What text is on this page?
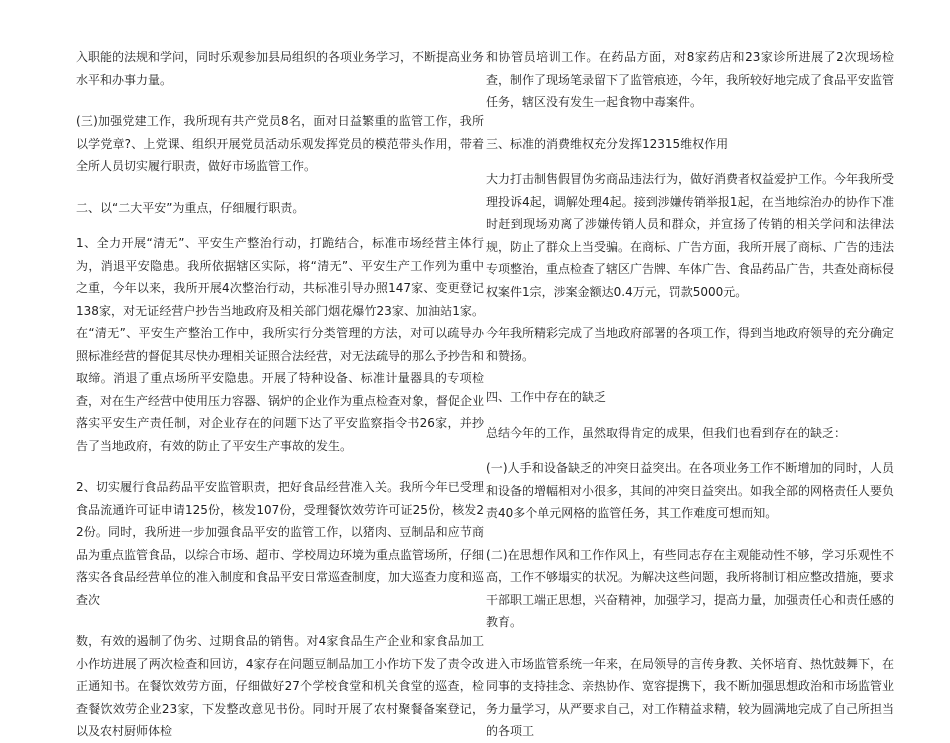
入职能的法规和学问，同时乐观参加县局组织的各项业务学习，不断提高业务水平和办事力量。

(三)加强党建工作，我所现有共产党员8名，面对日益繁重的监管工作，我所以学党章?、上党课、组织开展党员活动乐观发挥党员的模范带头作用，带着全所人员切实履行职责，做好市场监管工作。

二、以“二大平安”为重点，仔细履行职责。

1、全力开展“清无”、平安生产整治行动，打跪结合，标准市场经营主体行为，消退平安隐患。我所依据辖区实际，将“清无”、平安生产工作列为重中之重，今年以来，我所开展4次整治行动，共标准引导办照147家、变更登记138家，对无证经营户抄告当地政府及相关部门烟花爆竹23家、加油站1家。在“清无”、平安生产整治工作中，我所实行分类管理的方法，对可以疏导办照标准经营的督促其尽快办理相关证照合法经营，对无法疏导的那么予抄告和取缔。消退了重点场所平安隐患。开展了特种设备、标准计量器具的专项检查，对在生产经营中使用压力容器、锅炉的企业作为重点检查对象，督促企业落实平安生产责任制，对企业存在的问题下达了平安监察指令书26家，并抄告了当地政府，有效的防止了平安生产事故的发生。

2、切实履行食品药品平安监管职责，把好食品经营准入关。我所今年已受理食品流通许可证申请125份，核发107份，受理餐饮效劳许可证25份，核发22份。同时，我所进一步加强食品平安的监管工作，以猪肉、豆制品和应节商品为重点监管食品，以综合市场、超市、学校周边环境为重点监管场所，仔细落实各食品经营单位的准入制度和食品平安日常巡查制度，加大巡查力度和巡查次

数，有效的遏制了伪劣、过期食品的销售。对4家食品生产企业和家食品加工小作坊进展了两次检查和回访，4家存在问题豆制品加工小作坊下发了责令改正通知书。在餐饮效劳方面，仔细做好27个学校食堂和机关食堂的巡查，检查餐饮效劳企业23家，下发整改意见书份。同时开展了农村聚餐备案登记，以及农村厨师体检

和协管员培训工作。在药品方面，对8家药店和23家诊所进展了2次现场检查，制作了现场笔录留下了监管痕迹，今年，我所较好地完成了食品平安监管任务，辖区没有发生一起食物中毒案件。

三、标准的消费维权充分发挥12315维权作用

大力打击制售假冒伪劣商品违法行为，做好消费者权益爱护工作。今年我所受理投诉4起，调解处理4起。接到涉嫌传销举报1起，在当地综治办的协作下准时赶到现场劝离了涉嫌传销人员和群众，并宣扬了传销的相关学问和法律法规，防止了群众上当受骗。在商标、广告方面，我所开展了商标、广告的违法专项整治，重点检查了辖区广告牌、车体广告、食品药品广告，共查处商标侵权案件1宗，涉案金额达0.4万元，罚款5000元。

今年我所精彩完成了当地政府部署的各项工作，得到当地政府领导的充分确定和赞扬。

四、工作中存在的缺乏

总结今年的工作，虽然取得肯定的成果，但我们也看到存在的缺乏：

(一)人手和设备缺乏的冲突日益突出。在各项业务工作不断增加的同时，人员和设备的增幅相对小很多，其间的冲突日益突出。如我全部的网格责任人要负责40多个单元网格的监管任务，其工作难度可想而知。

(二)在思想作风和工作作风上，有些同志存在主观能动性不够，学习乐观性不高，工作不够塌实的状况。为解决这些问题，我所将制订相应整改措施，要求干部职工端正思想，兴奋精神，加强学习，提高力量，加强责任心和责任感的教育。

进入市场监管系统一年来，在局领导的言传身教、关怀培育、热忱鼓舞下，在同事的支持挂念、亲热协作、宽容提携下，我不断加强思想政治和市场监管业务力量学习，从严要求自己，对工作精益求精，较为圆满地完成了自己所担当的各项工
